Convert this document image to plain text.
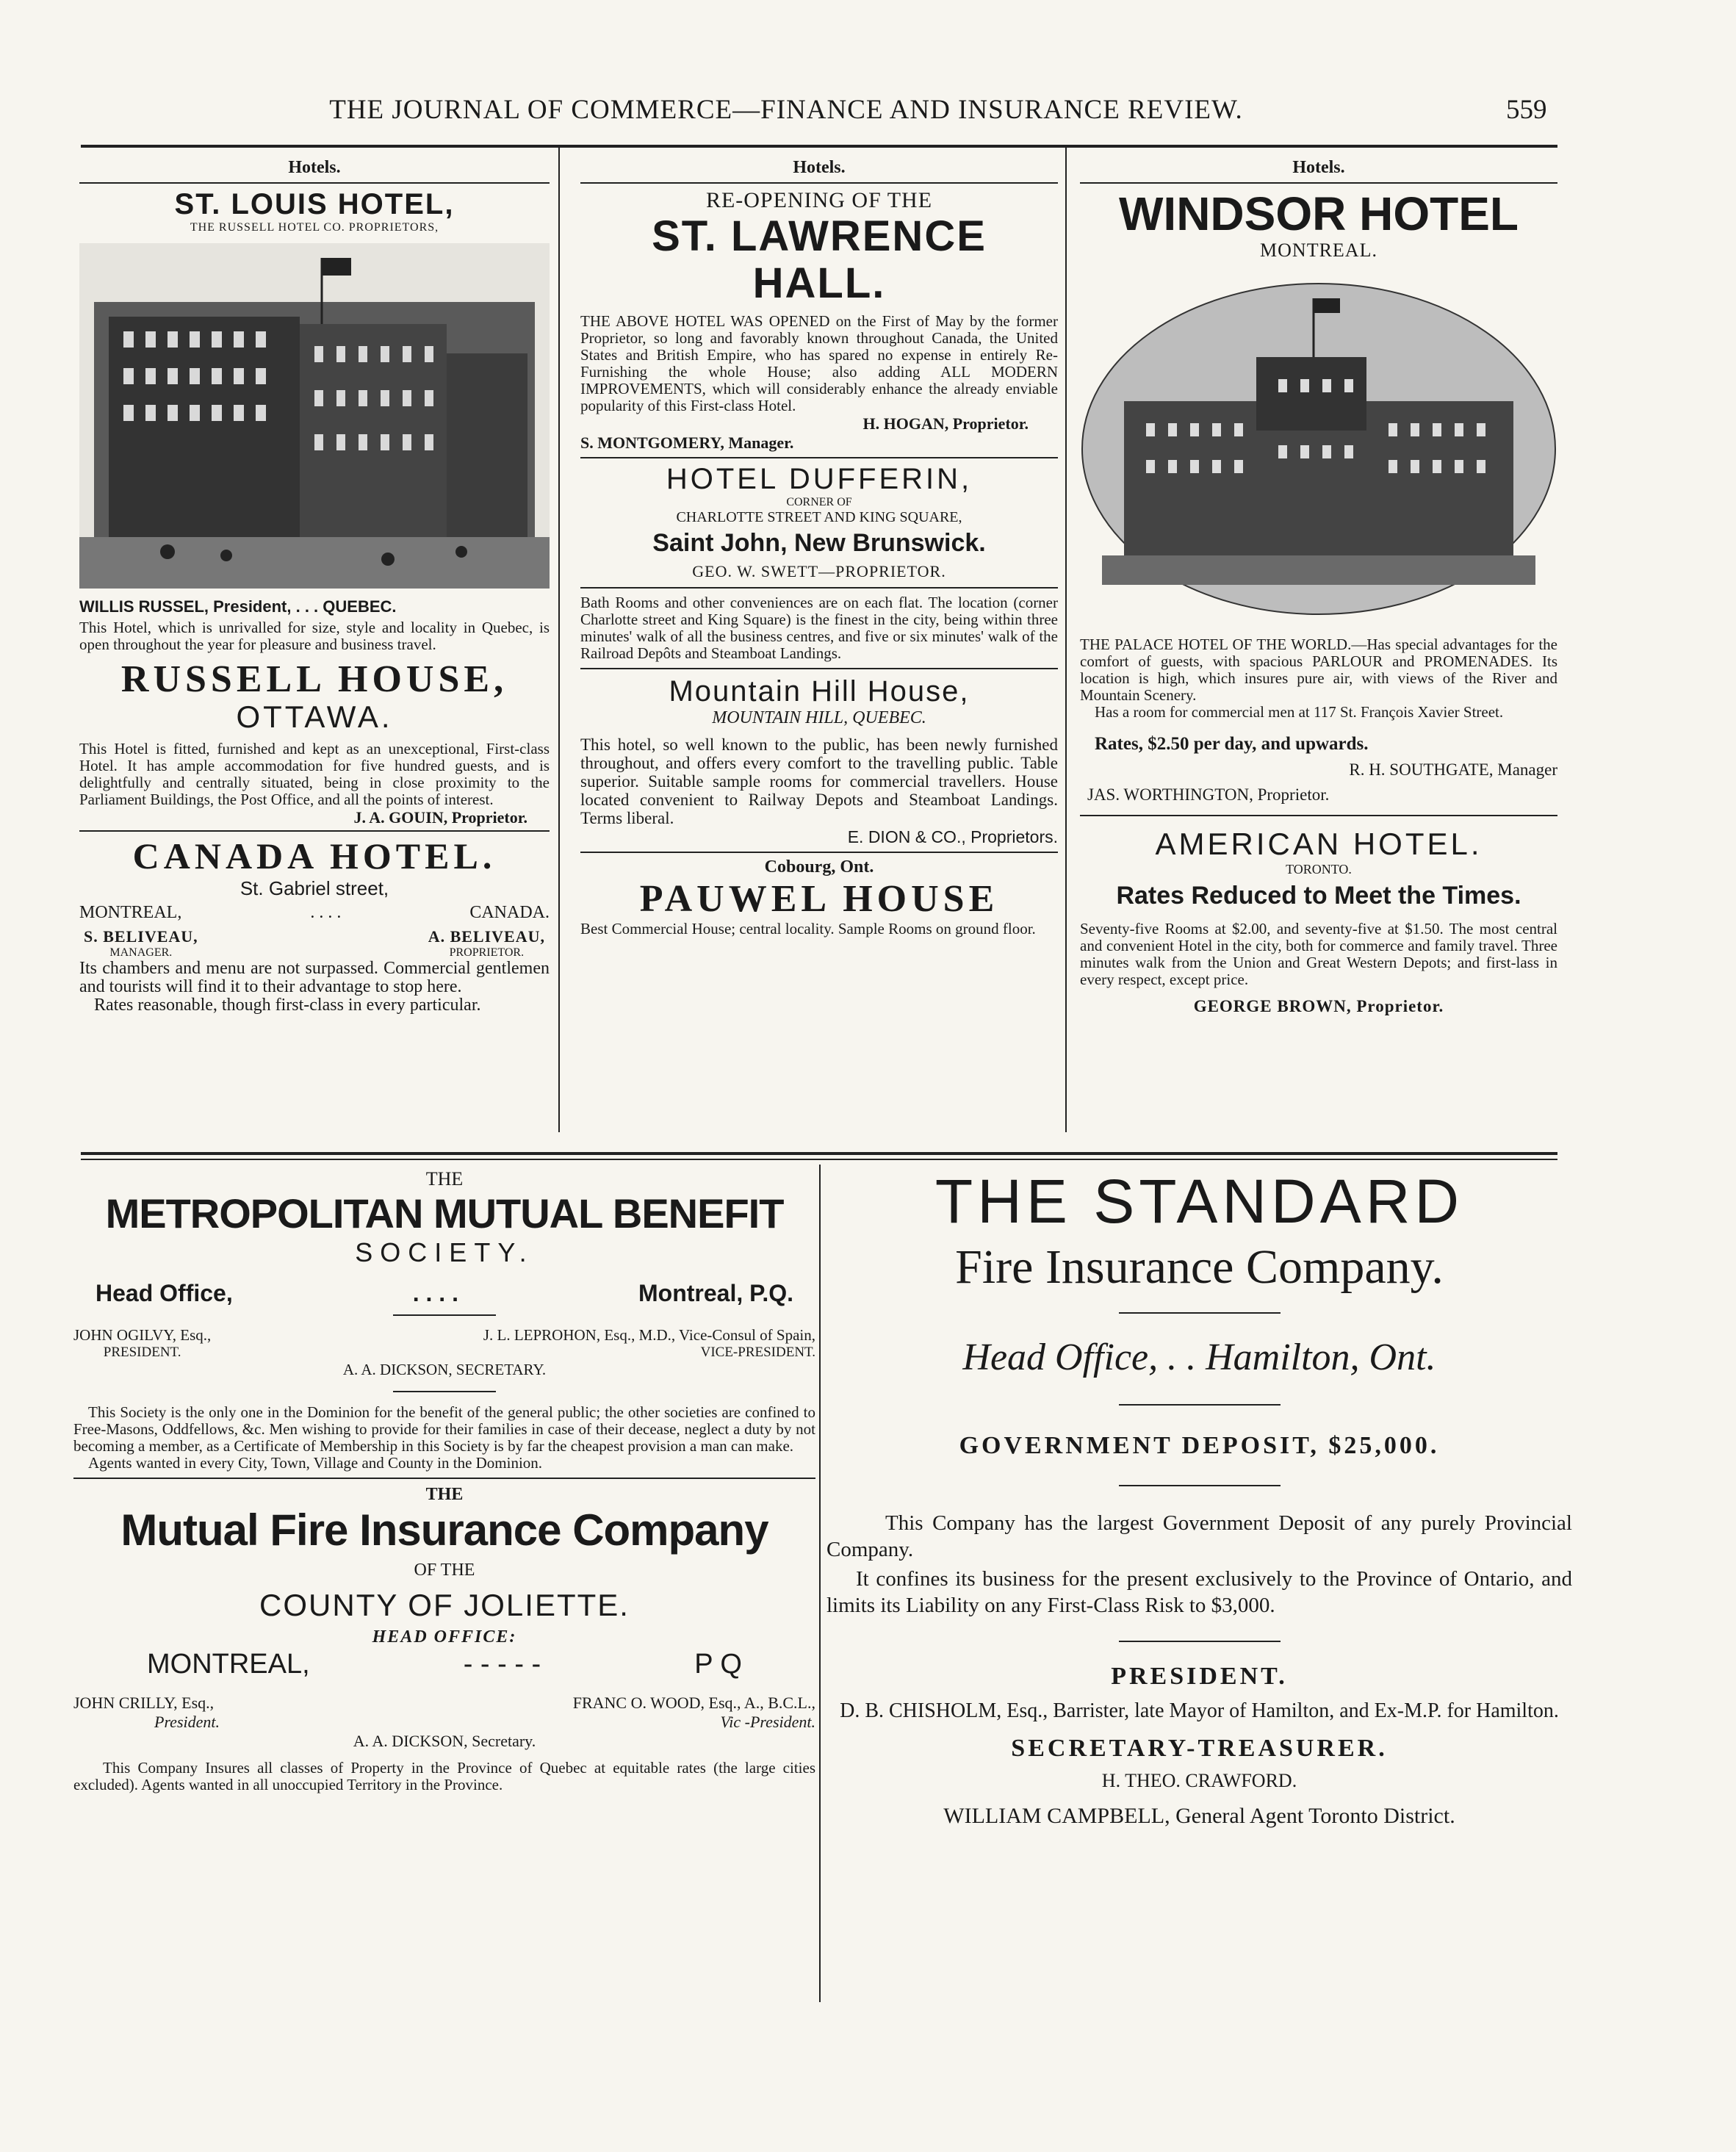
THE JOURNAL OF COMMERCE—FINANCE AND INSURANCE REVIEW.	559
Hotels.
ST. LOUIS HOTEL,
THE RUSSELL HOTEL CO. PROPRIETORS,
WILLIS RUSSEL, President, . . . QUEBEC.
This Hotel, which is unrivalled for size, style and locality in Quebec, is open throughout the year for pleasure and business travel.
RUSSELL HOUSE,
OTTAWA.
This Hotel is fitted, furnished and kept as an unexceptional, First-class Hotel. It has ample accommodation for five hundred guests, and is delightfully and centrally situated, being in close proximity to the Parliament Buildings, the Post Office, and all the points of interest.
J. A. GOUIN, Proprietor.
CANADA HOTEL.
St. Gabriel street,
MONTREAL,	. . . .	CANADA.
S. BELIVEAU,
MANAGER.
A. BELIVEAU,
PROPRIETOR.
Its chambers and menu are not surpassed. Commercial gentlemen and tourists will find it to their advantage to stop here.
Rates reasonable, though first-class in every particular.
Hotels.
RE-OPENING OF THE
ST. LAWRENCE HALL.
THE ABOVE HOTEL WAS OPENED on the First of May by the former Proprietor, so long and favorably known throughout Canada, the United States and British Empire, who has spared no expense in entirely Re-Furnishing the whole House; also adding ALL MODERN IMPROVEMENTS, which will considerably enhance the already enviable popularity of this First-class Hotel.
H. HOGAN, Proprietor.
S. MONTGOMERY, Manager.
HOTEL DUFFERIN,
CORNER OF
CHARLOTTE STREET AND KING SQUARE,
Saint John, New Brunswick.
GEO. W. SWETT—PROPRIETOR.
Bath Rooms and other conveniences are on each flat. The location (corner Charlotte street and King Square) is the finest in the city, being within three minutes' walk of all the business centres, and five or six minutes' walk of the Railroad Depôts and Steamboat Landings.
Mountain Hill House,
MOUNTAIN HILL, QUEBEC.
This hotel, so well known to the public, has been newly furnished throughout, and offers every comfort to the travelling public. Table superior. Suitable sample rooms for commercial travellers. House located convenient to Railway Depots and Steamboat Landings. Terms liberal.
E. DION & CO., Proprietors.
Cobourg, Ont.
PAUWEL HOUSE
Best Commercial House; central locality. Sample Rooms on ground floor.
Hotels.
WINDSOR HOTEL
MONTREAL.
THE PALACE HOTEL OF THE WORLD.—Has special advantages for the comfort of guests, with spacious PARLOUR and PROMENADES. Its location is high, which insures pure air, with views of the River and Mountain Scenery.
Has a room for commercial men at 117 St. François Xavier Street.
Rates, $2.50 per day, and upwards.
R. H. SOUTHGATE, Manager
JAS. WORTHINGTON, Proprietor.
AMERICAN HOTEL.
TORONTO.
Rates Reduced to Meet the Times.
Seventy-five Rooms at $2.00, and seventy-five at $1.50. The most central and convenient Hotel in the city, both for commerce and family travel. Three minutes walk from the Union and Great Western Depots; and first-lass in every respect, except price.
GEORGE BROWN, Proprietor.
THE
METROPOLITAN MUTUAL BENEFIT
SOCIETY.
Head Office,	. . . .	Montreal, P.Q.
JOHN OGILVY, Esq.,
PRESIDENT.
J. L. LEPROHON, Esq., M.D., Vice-Consul of Spain,
VICE-PRESIDENT.
A. A. DICKSON, SECRETARY.
This Society is the only one in the Dominion for the benefit of the general public; the other societies are confined to Free-Masons, Oddfellows, &c. Men wishing to provide for their families in case of their decease, neglect a duty by not becoming a member, as a Certificate of Membership in this Society is by far the cheapest provision a man can make.
Agents wanted in every City, Town, Village and County in the Dominion.
THE
Mutual Fire Insurance Company
OF THE
COUNTY OF JOLIETTE.
HEAD OFFICE:
MONTREAL,	- - - - -	P Q
JOHN CRILLY, Esq.,
President.
FRANC O. WOOD, Esq., A., B.C.L.,
Vic -President.
A. A. DICKSON, Secretary.
This Company Insures all classes of Property in the Province of Quebec at equitable rates (the large cities excluded). Agents wanted in all unoccupied Territory in the Province.
THE STANDARD
Fire Insurance Company.
Head Office, . . Hamilton, Ont.
GOVERNMENT DEPOSIT, $25,000.
This Company has the largest Government Deposit of any purely Provincial Company.
It confines its business for the present exclusively to the Province of Ontario, and limits its Liability on any First-Class Risk to $3,000.
PRESIDENT.
D. B. CHISHOLM, Esq., Barrister, late Mayor of Hamilton, and Ex-M.P. for Hamilton.
SECRETARY-TREASURER.
H. THEO. CRAWFORD.
WILLIAM CAMPBELL, General Agent Toronto District.
